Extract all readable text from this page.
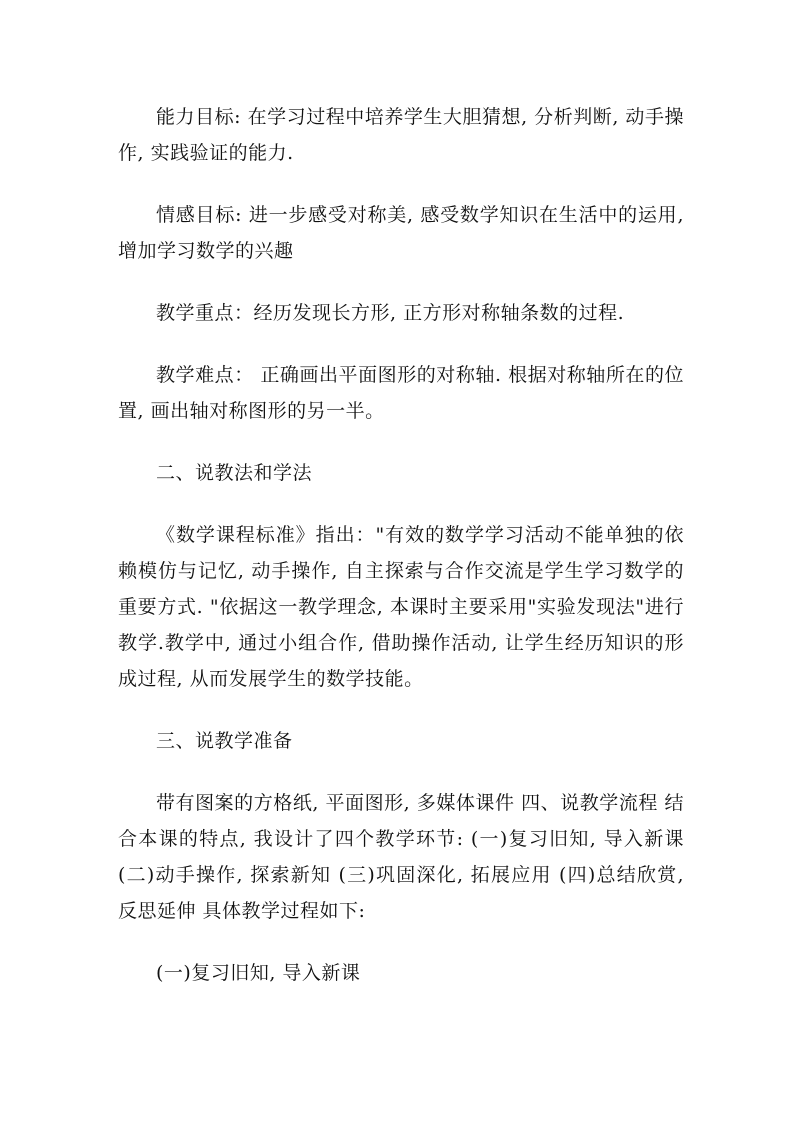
能力目标: 在学习过程中培养学生大胆猜想, 分析判断, 动手操作, 实践验证的能力.

情感目标: 进一步感受对称美, 感受数学知识在生活中的运用, 增加学习数学的兴趣

教学重点：经历发现长方形, 正方形对称轴条数的过程.

教学难点： 正确画出平面图形的对称轴. 根据对称轴所在的位置, 画出轴对称图形的另一半。

二、说教法和学法

《数学课程标准》指出："有效的数学学习活动不能单独的依赖模仿与记忆, 动手操作, 自主探索与合作交流是学生学习数学的重要方式. "依据这一教学理念, 本课时主要采用"实验发现法"进行教学.教学中, 通过小组合作, 借助操作活动, 让学生经历知识的形成过程, 从而发展学生的数学技能。

三、说教学准备

带有图案的方格纸, 平面图形, 多媒体课件 四、说教学流程 结合本课的特点, 我设计了四个教学环节: (一)复习旧知, 导入新课 (二)动手操作, 探索新知 (三)巩固深化, 拓展应用 (四)总结欣赏, 反思延伸 具体教学过程如下:

(一)复习旧知, 导入新课
